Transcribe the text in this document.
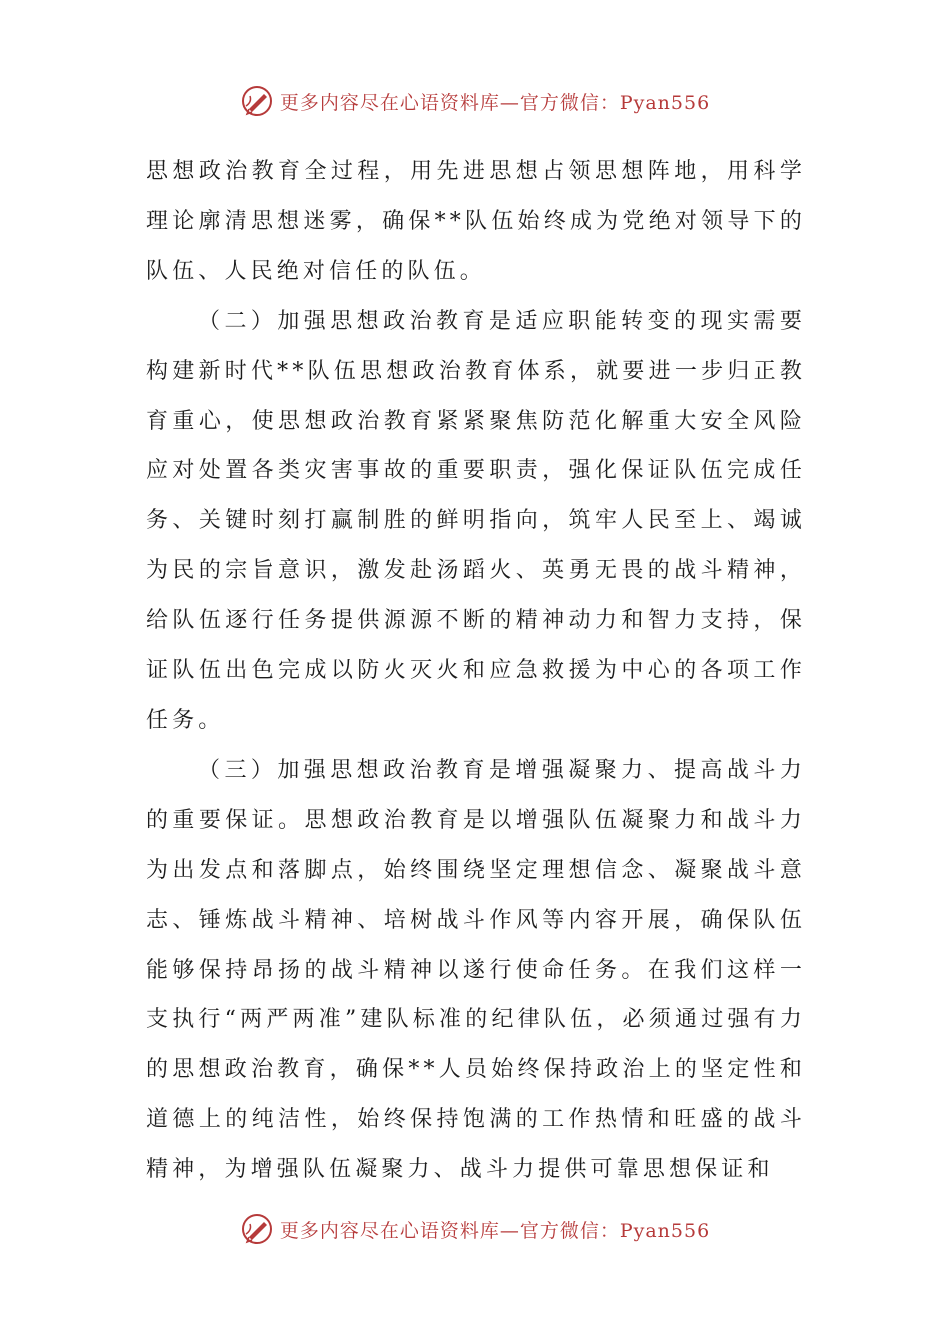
更多内容尽在心语资料库—官方微信：Pyan556

思想政治教育全过程，用先进思想占领思想阵地，用科学理论廓清思想迷雾，确保**队伍始终成为党绝对领导下的队伍、人民绝对信任的队伍。

（二）加强思想政治教育是适应职能转变的现实需要构建新时代**队伍思想政治教育体系，就要进一步归正教育重心，使思想政治教育紧紧聚焦防范化解重大安全风险应对处置各类灾害事故的重要职责，强化保证队伍完成任务、关键时刻打赢制胜的鲜明指向，筑牢人民至上、竭诚为民的宗旨意识，激发赴汤蹈火、英勇无畏的战斗精神，给队伍逐行任务提供源源不断的精神动力和智力支持，保证队伍出色完成以防火灭火和应急救援为中心的各项工作任务。

（三）加强思想政治教育是增强凝聚力、提高战斗力的重要保证。思想政治教育是以增强队伍凝聚力和战斗力为出发点和落脚点，始终围绕坚定理想信念、凝聚战斗意志、锤炼战斗精神、培树战斗作风等内容开展，确保队伍能够保持昂扬的战斗精神以遂行使命任务。在我们这样一支执行“两严两准”建队标准的纪律队伍，必须通过强有力的思想政治教育，确保**人员始终保持政治上的坚定性和道德上的纯洁性，始终保持饱满的工作热情和旺盛的战斗精神，为增强队伍凝聚力、战斗力提供可靠思想保证和

更多内容尽在心语资料库—官方微信：Pyan556
